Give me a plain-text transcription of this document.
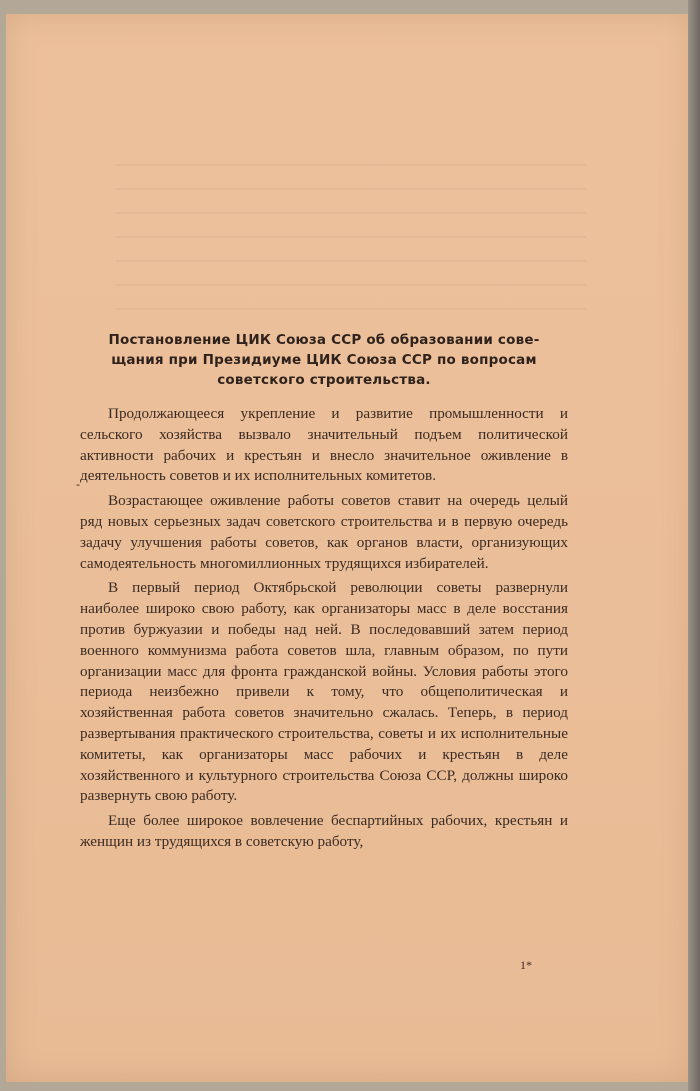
Постановление ЦИК Союза ССР об образовании сове-
щания при Президиуме ЦИК Союза ССР по вопросам
советского строительства.
-

Продолжающееся укрепление и развитие промышленности и сельского хозяйства вызвало значительный подъем политической активности рабочих и крестьян и внесло значительное оживление в деятельность советов и их исполнительных комитетов.

Возрастающее оживление работы советов ставит на очередь целый ряд новых серьезных задач советского строительства и в первую очередь задачу улучшения работы советов, как органов власти, организующих самодеятельность многомиллионных трудящихся избирателей.

В первый период Октябрьской революции советы развернули наиболее широко свою работу, как организаторы масс в деле восстания против буржуазии и победы над ней. В последовавший затем период военного коммунизма работа советов шла, главным образом, по пути организации масс для фронта гражданской войны. Условия работы этого периода неизбежно привели к тому, что общеполитическая и хозяйственная работа советов значительно сжалась. Теперь, в период развертывания практического строительства, советы и их исполнительные комитеты, как организаторы масс рабочих и крестьян в деле хозяйственного и культурного строительства Союза ССР, должны широко развернуть свою работу.

Еще более широкое вовлечение беспартийных рабочих, крестьян и женщин из трудящихся в советскую работу,

1*
